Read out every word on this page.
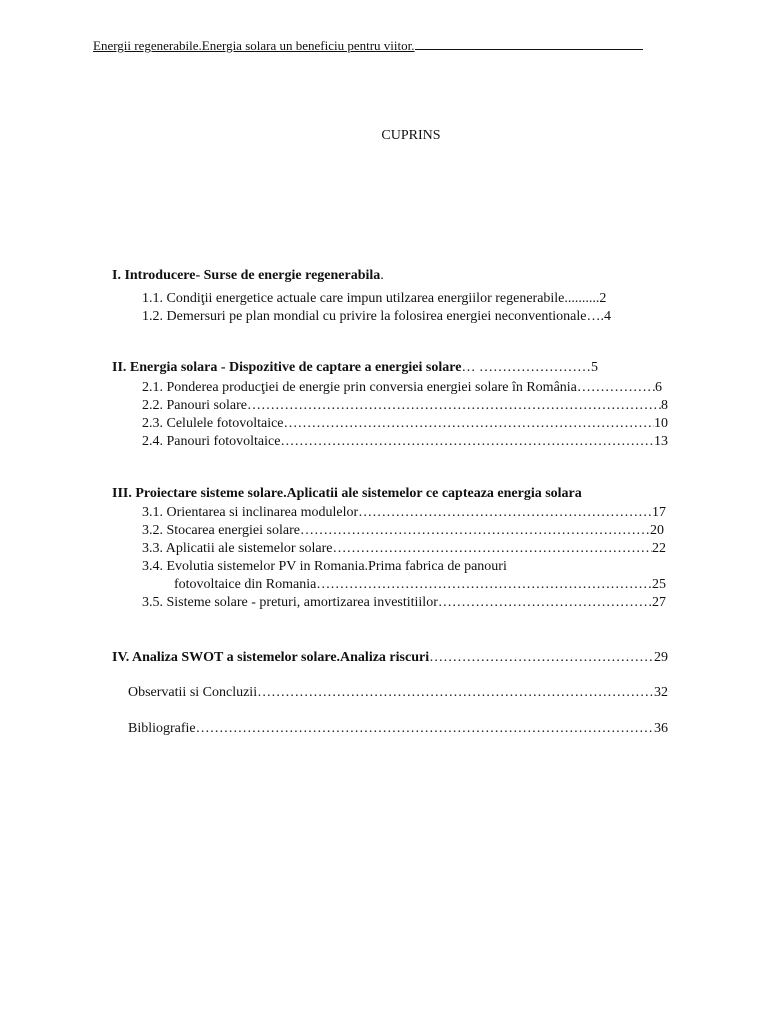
Energii regenerabile.Energia solara un beneficiu pentru viitor.
CUPRINS
I. Introducere- Surse de energie regenerabila.
1.1. Condiţii energetice actuale care impun utilzarea energiilor regenerabile .......... 2
1.2. Demersuri pe plan mondial cu privire la folosirea energiei neconventionale …. 4
II. Energia solara - Dispozitive de captare a energiei solare … …………………… 5
2.1. Ponderea producţiei de energie prin conversia energiei solare în România ……………………………………………………………………………………………………………………………………………………………………………………	6
2.2. Panouri solare ……………………………………………………………………………………………………………………………………………………………………………………	8
2.3. Celulele fotovoltaice ……………………………………………………………………………………………………………………………………………………………………………………	10
2.4. Panouri fotovoltaice ……………………………………………………………………………………………………………………………………………………………………………………	13
III. Proiectare sisteme solare.Aplicatii ale sistemelor ce capteaza energia solara
3.1. Orientarea si inclinarea modulelor ……………………………………………………………………………………………………………………………………………………………………………………	17
3.2. Stocarea energiei solare ……………………………………………………………………………………………………………………………………………………………………………………	20
3.3. Aplicatii ale sistemelor solare ……………………………………………………………………………………………………………………………………………………………………………………	22
3.4. Evolutia sistemelor PV in Romania.Prima fabrica de panouri
fotovoltaice din Romania ……………………………………………………………………………………………………………………………………………………………………………………	25
3.5. Sisteme solare - preturi, amortizarea investitiilor ……………………………………………………………………………………………………………………………………………………………………………………	27
IV. Analiza SWOT a sistemelor solare.Analiza riscuri ……………………………………………………………………………………………………………………………………………………………………………………	29
Observatii si Concluzii ……………………………………………………………………………………………………………………………………………………………………………………	32
Bibliografie ……………………………………………………………………………………………………………………………………………………………………………………	36
